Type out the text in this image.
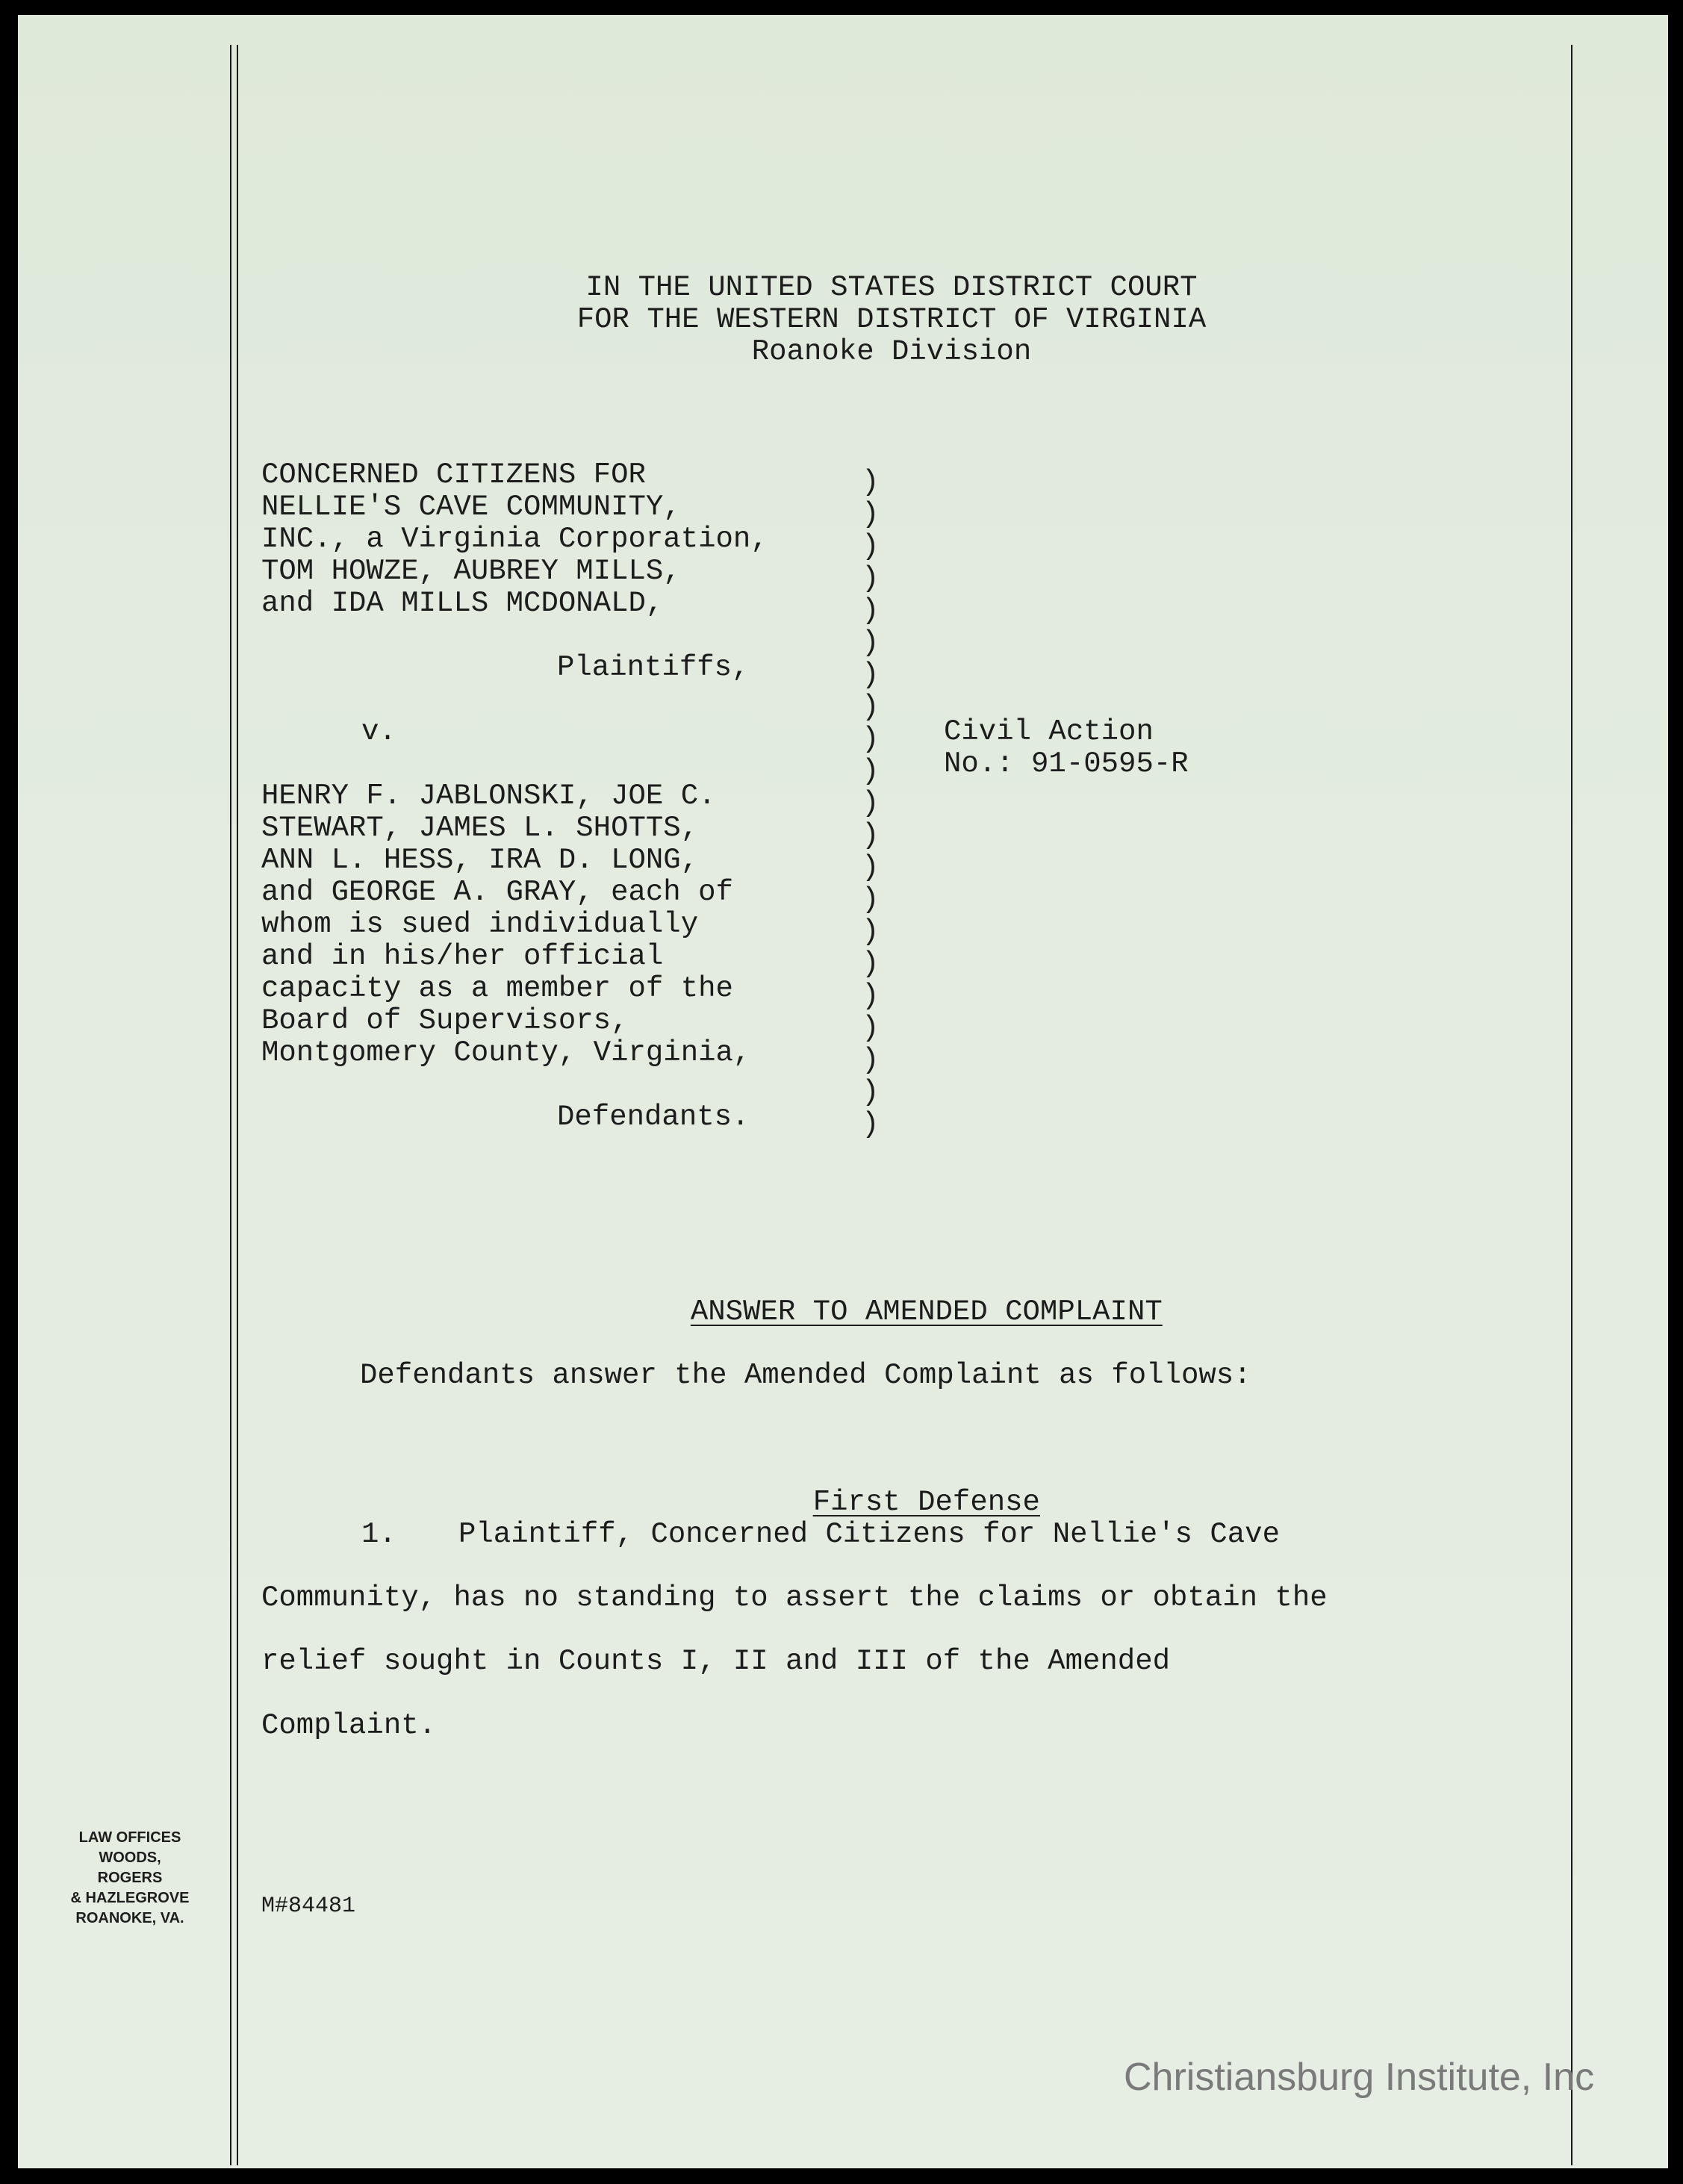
IN THE UNITED STATES DISTRICT COURT
FOR THE WESTERN DISTRICT OF VIRGINIA
Roanoke Division
CONCERNED CITIZENS FOR
NELLIE'S CAVE COMMUNITY,
INC., a Virginia Corporation,
TOM HOWZE, AUBREY MILLS,
and IDA MILLS MCDONALD,
Plaintiffs,
v.
HENRY F. JABLONSKI, JOE C.
STEWART, JAMES L. SHOTTS,
ANN L. HESS, IRA D. LONG,
and GEORGE A. GRAY, each of
whom is sued individually
and in his/her official
capacity as a member of the
Board of Supervisors,
Montgomery County, Virginia,
Defendants.
)
)
)
)
)
)
)
)
)
)
)
)
)
)
)
)
)
)
)
)
)
Civil Action
No.: 91-0595-R

ANSWER TO AMENDED COMPLAINT

Defendants answer the Amended Complaint as follows:

First Defense

1. Plaintiff, Concerned Citizens for Nellie's Cave
Community, has no standing to assert the claims or obtain the
relief sought in Counts I, II and III of the Amended
Complaint.
M#84481
LAW OFFICES
WOODS, ROGERS
& HAZLEGROVE
ROANOKE, VA.
Christiansburg Institute, Inc
